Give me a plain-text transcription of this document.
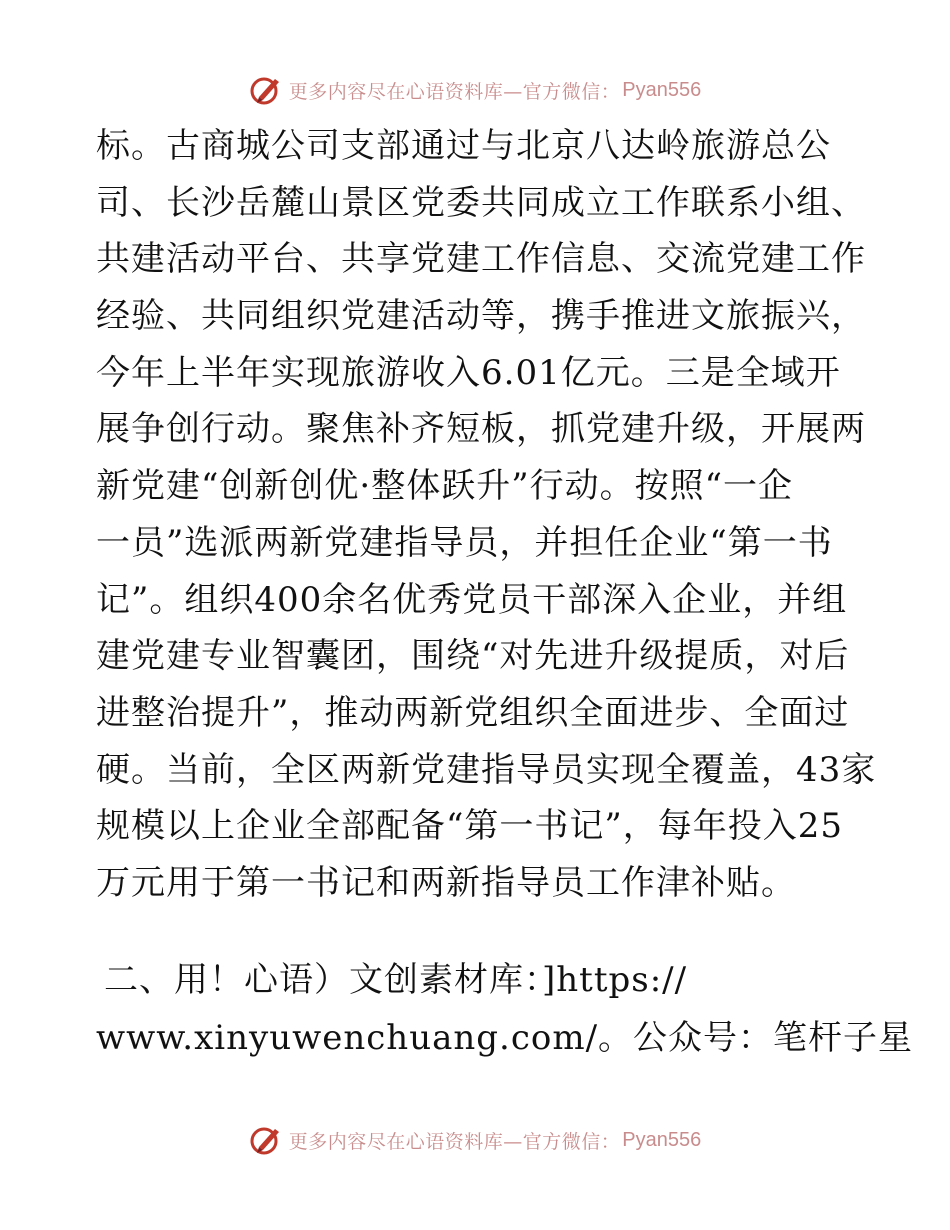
更多内容尽在心语资料库—官方微信： Pyan556
标。古商城公司支部通过与北京八达岭旅游总公
司、长沙岳麓山景区党委共同成立工作联系小组、
共建活动平台、共享党建工作信息、交流党建工作
经验、共同组织党建活动等，携手推进文旅振兴，
今年上半年实现旅游收入6.01亿元。三是全域开
展争创行动。聚焦补齐短板，抓党建升级，开展两
新党建“创新创优·整体跃升”行动。按照“一企
一员”选派两新党建指导员，并担任企业“第一书
记”。组织400余名优秀党员干部深入企业，并组
建党建专业智囊团，围绕“对先进升级提质，对后
进整治提升”，推动两新党组织全面进步、全面过
硬。当前，全区两新党建指导员实现全覆盖，43家
规模以上企业全部配备“第一书记”，每年投入25
万元用于第一书记和两新指导员工作津补贴。
二、用！心语）文创素材库：]https://
www.xinyuwenchuang.com/。公众号：笔杆子星
更多内容尽在心语资料库—官方微信： Pyan556
